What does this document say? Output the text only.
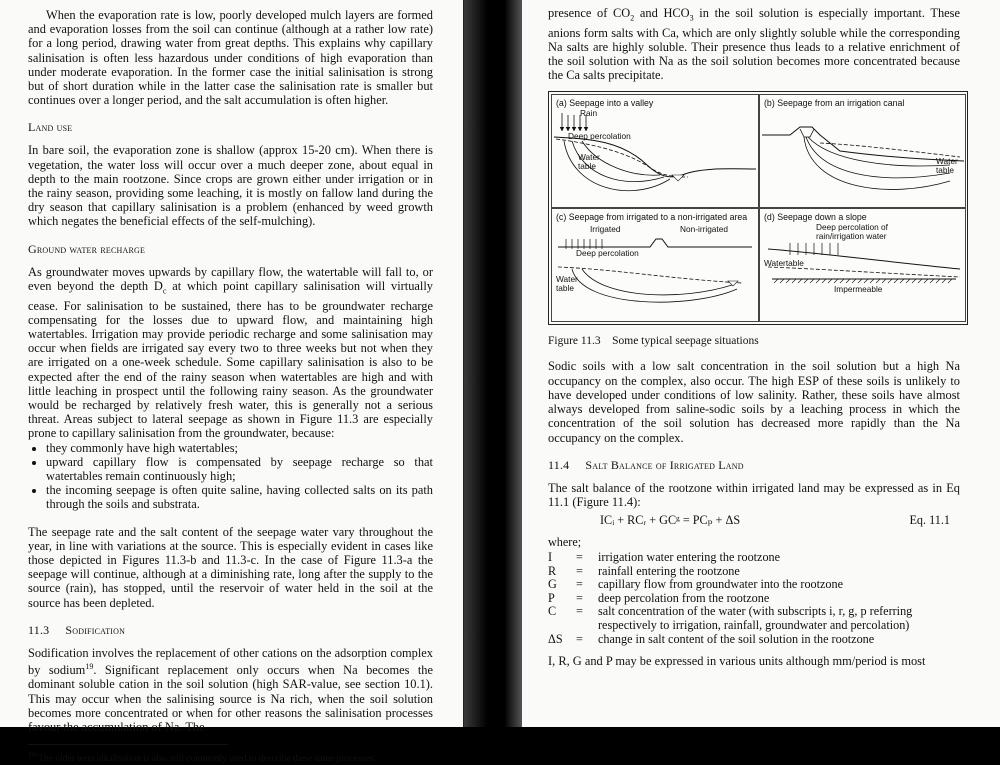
When the evaporation rate is low, poorly developed mulch layers are formed and evaporation losses from the soil can continue (although at a rather low rate) for a long period, drawing water from great depths. This explains why capillary salinisation is often less hazardous under conditions of high evaporation than under moderate evaporation. In the former case the initial salinisation is strong but of short duration while in the latter case the salinisation rate is smaller but continues over a longer period, and the salt accumulation is often higher.

Land use

In bare soil, the evaporation zone is shallow (approx 15-20 cm). When there is vegetation, the water loss will occur over a much deeper zone, about equal in depth to the main rootzone. Since crops are grown either under irrigation or in the rainy season, providing some leaching, it is mostly on fallow land during the dry season that capillary salinisation is a problem (enhanced by weed growth which negates the beneficial effects of the self-mulching).

Ground water recharge

As groundwater moves upwards by capillary flow, the watertable will fall to, or even beyond the depth $D_c$ at which point capillary salinisation will virtually cease. For salinisation to be sustained, there has to be groundwater recharge compensating for the losses due to upward flow, and maintaining high watertables. Irrigation may provide periodic recharge and some salinisation may occur when fields are irrigated say every two to three weeks but not when they are irrigated on a one-week schedule. Some capillary salinisation is also to be expected after the end of the rainy season when watertables are high and with little leaching in prospect until the following rainy season. As the groundwater would be recharged by relatively fresh water, this is generally not a serious threat. Areas subject to lateral seepage as shown in Figure 11.3 are especially prone to capillary salinisation from the groundwater, because:

• they commonly have high watertables;
• upward capillary flow is compensated by seepage recharge so that watertables remain continuously high;
• the incoming seepage is often quite saline, having collected salts on its path through the soils and substrata.

The seepage rate and the salt content of the seepage water vary throughout the year, in line with variations at the source. This is especially evident in cases like those depicted in Figures 11.3-b and 11.3-c. In the case of Figure 11.3-a the seepage will continue, although at a diminishing rate, long after the supply to the source (rain), has stopped, until the reservoir of water held in the soil at the source has been depleted.

11.3 Sodification

Sodification involves the replacement of other cations on the adsorption complex by sodium$^{19}$. Significant replacement only occurs when Na becomes the dominant soluble cation in the soil solution (high SAR-value, see section 10.1). This may occur when the salinising source is Na rich, when the soil solution becomes more concentrated or when for other reasons the salinisation processes favour the accumulation of Na. The

$^{19}$ The older term alkalisation is also still commonly used to describe these same processes.

presence of $CO_2$ and $HCO_3$ in the soil solution is especially important. These anions form salts with Ca, which are only slightly soluble while the corresponding Na salts are highly soluble. Their presence thus leads to a relative enrichment of the soil solution with Na as the soil solution becomes more concentrated because the Ca salts precipitate.

(a) Seepage into a valley
Rain
Deep percolation
Water
table
(b) Seepage from an irrigation canal
Water
table
(c) Seepage from irrigated to a non-irrigated area
Irrigated	Non-irrigated
Deep percolation
Water
table
(d) Seepage down a slope
Deep percolation of
rain/irrigation water
Watertable
Impermeable
Figure 11.3 Some typical seepage situations

Sodic soils with a low salt concentration in the soil solution but a high Na occupancy on the complex, also occur. The high ESP of these soils is unlikely to have developed under conditions of low salinity. Rather, these soils have almost always developed from saline-sodic soils by a leaching process in which the concentration of the soil solution has decreased more rapidly than the Na occupancy on the complex.

11.4 Salt Balance of Irrigated Land

The salt balance of the rootzone within irrigated land may be expressed as in Eq 11.1 (Figure 11.4):

ICᵢ + RCᵣ + GCᵍ = PCₚ + ΔS	Eq. 11.1
where;
I	=	irrigation water entering the rootzone
R	=	rainfall entering the rootzone
G	=	capillary flow from groundwater into the rootzone
P	=	deep percolation from the rootzone
C	=	salt concentration of the water (with subscripts i, r, g, p referring respectively to irrigation, rainfall, groundwater and percolation)
ΔS	=	change in salt content of the soil solution in the rootzone

I, R, G and P may be expressed in various units although mm/period is most
